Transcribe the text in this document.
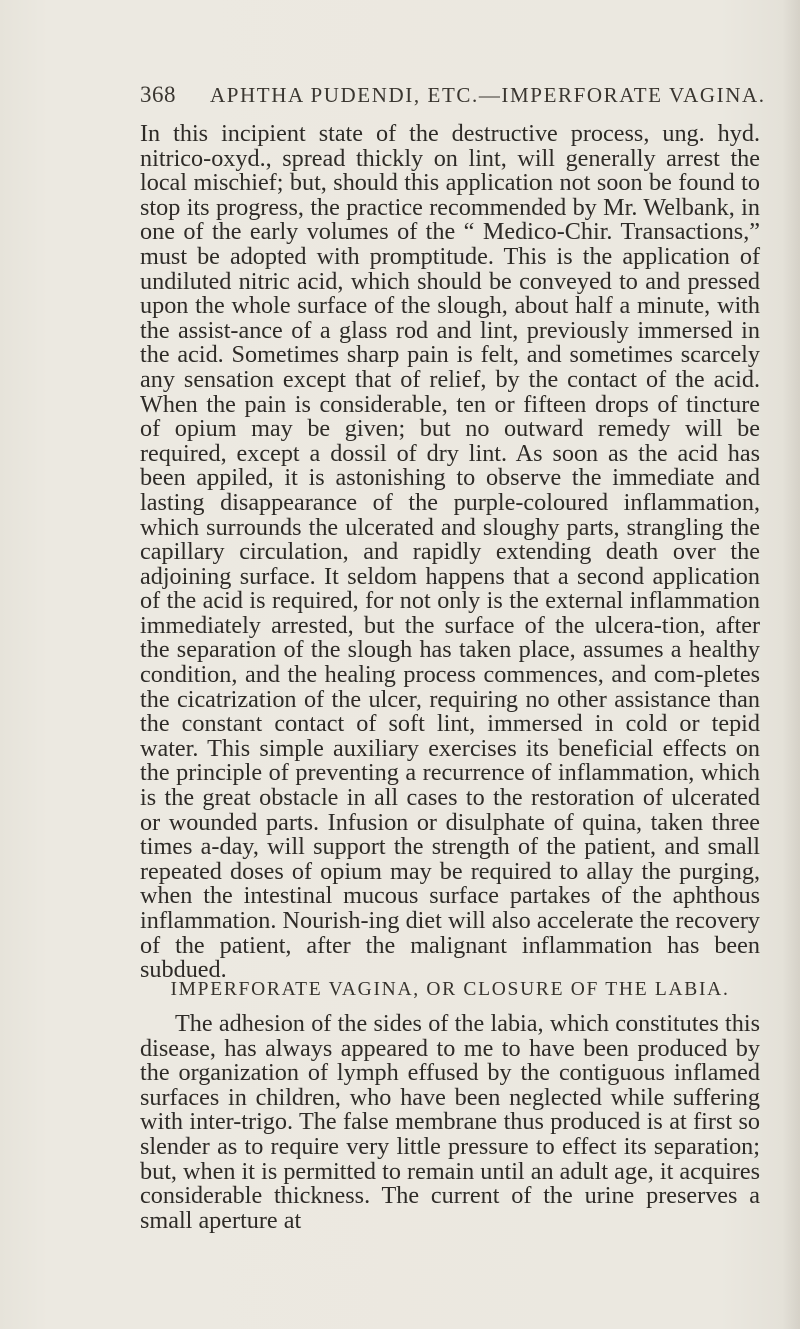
368 APHTHA PUDENDI, ETC.—IMPERFORATE VAGINA.

In this incipient state of the destructive process, ung. hyd. nitrico-oxyd., spread thickly on lint, will generally arrest the local mischief; but, should this application not soon be found to stop its progress, the practice recommended by Mr. Welbank, in one of the early volumes of the “ Medico-Chir. Transactions,” must be adopted with promptitude. This is the application of undiluted nitric acid, which should be conveyed to and pressed upon the whole surface of the slough, about half a minute, with the assist-ance of a glass rod and lint, previously immersed in the acid. Sometimes sharp pain is felt, and sometimes scarcely any sensation except that of relief, by the contact of the acid. When the pain is considerable, ten or fifteen drops of tincture of opium may be given; but no outward remedy will be required, except a dossil of dry lint. As soon as the acid has been appiled, it is astonishing to observe the immediate and lasting disappearance of the purple-coloured inflammation, which surrounds the ulcerated and sloughy parts, strangling the capillary circulation, and rapidly extending death over the adjoining surface. It seldom happens that a second application of the acid is required, for not only is the external inflammation immediately arrested, but the surface of the ulcera-tion, after the separation of the slough has taken place, assumes a healthy condition, and the healing process commences, and com-pletes the cicatrization of the ulcer, requiring no other assistance than the constant contact of soft lint, immersed in cold or tepid water. This simple auxiliary exercises its beneficial effects on the principle of preventing a recurrence of inflammation, which is the great obstacle in all cases to the restoration of ulcerated or wounded parts. Infusion or disulphate of quina, taken three times a-day, will support the strength of the patient, and small repeated doses of opium may be required to allay the purging, when the intestinal mucous surface partakes of the aphthous inflammation. Nourish-ing diet will also accelerate the recovery of the patient, after the malignant inflammation has been subdued.

IMPERFORATE VAGINA, OR CLOSURE OF THE LABIA.

The adhesion of the sides of the labia, which constitutes this disease, has always appeared to me to have been produced by the organization of lymph effused by the contiguous inflamed surfaces in children, who have been neglected while suffering with inter-trigo. The false membrane thus produced is at first so slender as to require very little pressure to effect its separation; but, when it is permitted to remain until an adult age, it acquires considerable thickness. The current of the urine preserves a small aperture at
